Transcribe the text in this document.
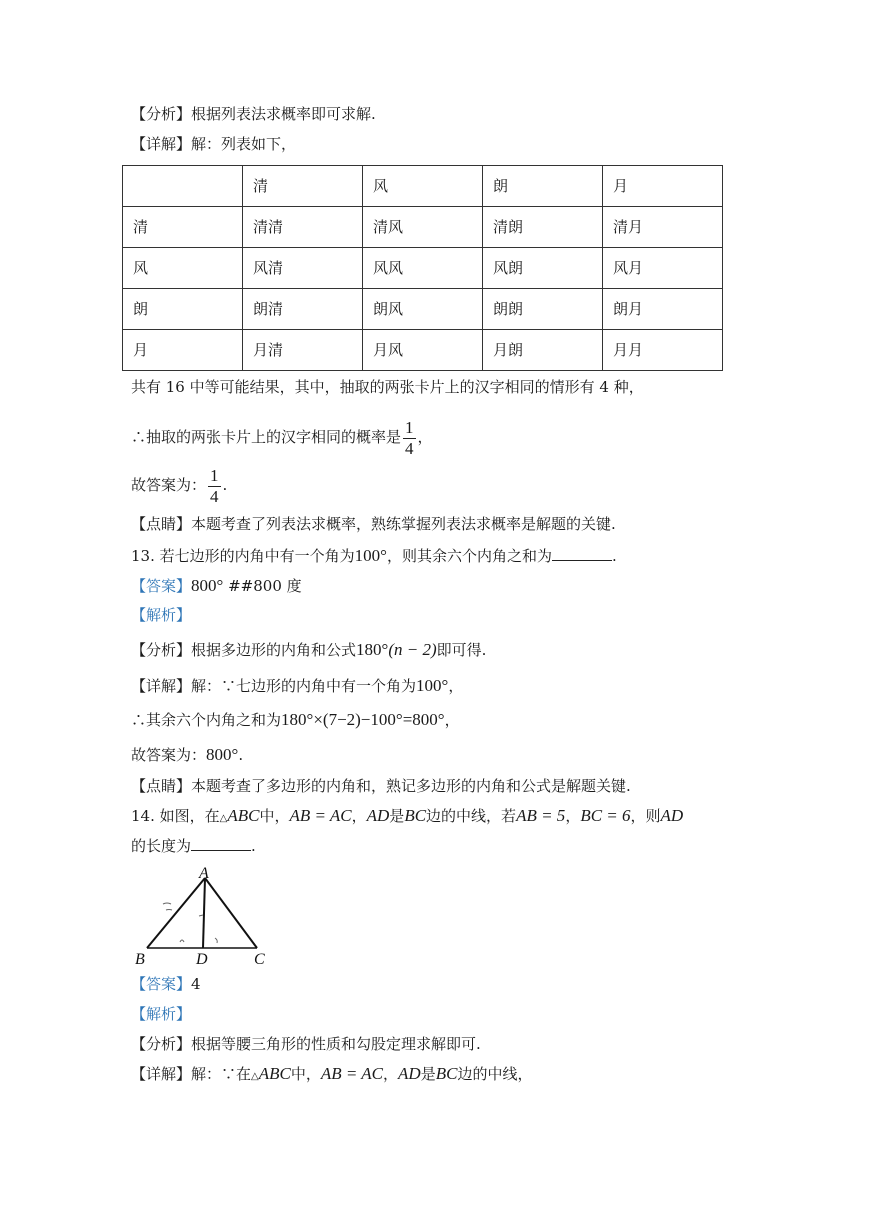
【分析】根据列表法求概率即可求解.
【详解】解：列表如下，
	清	风	朗	月
清	清清	清风	清朗	清月
风	风清	风风	风朗	风月
朗	朗清	朗风	朗朗	朗月
月	月清	月风	月朗	月月
共有 16 中等可能结果，其中，抽取的两张卡片上的汉字相同的情形有 4 种，
∴抽取的两张卡片上的汉字相同的概率是 $\frac{1}{4}$ ，
故答案为： $\frac{1}{4}$ .
【点睛】本题考查了列表法求概率，熟练掌握列表法求概率是解题的关键.
13. 若七边形的内角中有一个角为100°，则其余六个内角之和为	.
【答案】800° ##800 度
【解析】
【分析】根据多边形的内角和公式180°(n − 2)即可得.
【详解】解：∵七边形的内角中有一个角为100°，
∴其余六个内角之和为180°×(7−2)−100°=800°，
故答案为：800°.
【点睛】本题考查了多边形的内角和，熟记多边形的内角和公式是解题关键.
14. 如图，在△ABC中，AB = AC，AD是BC边的中线，若AB = 5，BC = 6，则AD
的长度为	.
A
B	D	C
【答案】4
【解析】
【分析】根据等腰三角形的性质和勾股定理求解即可.
【详解】解：∵在△ABC中，AB = AC，AD是BC边的中线，
